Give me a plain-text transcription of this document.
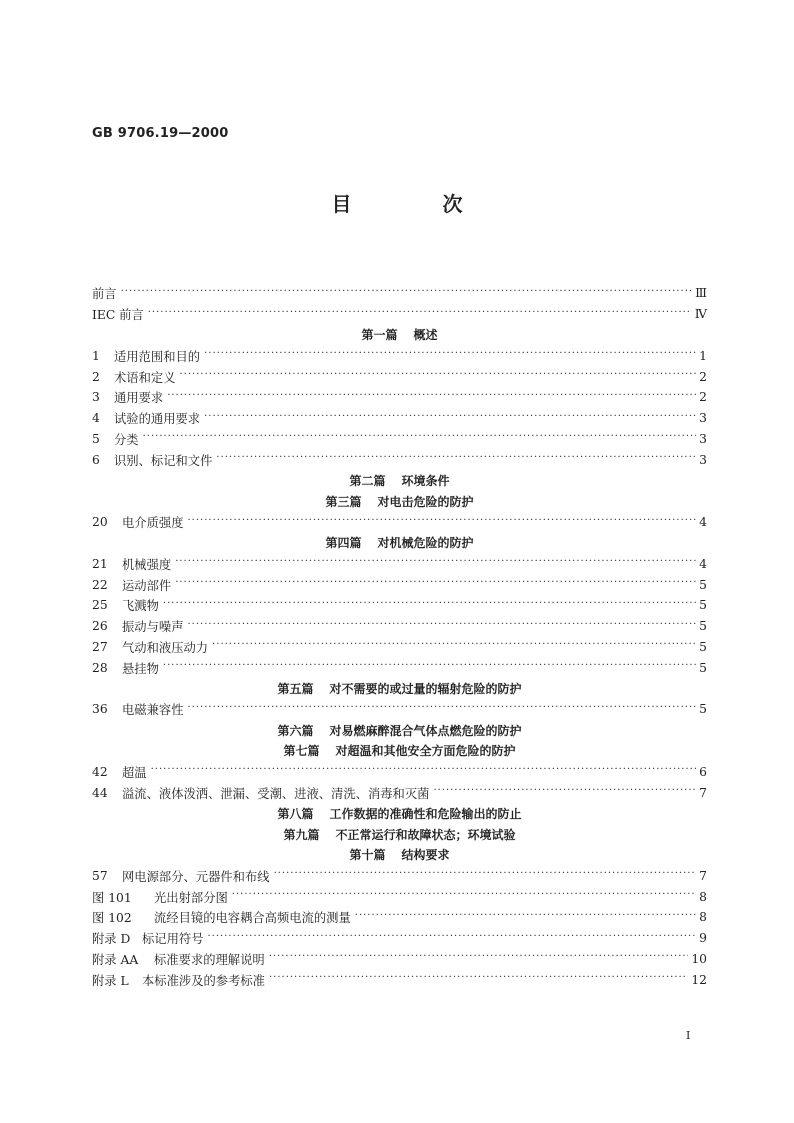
GB 9706.19—2000
目 次
前言 ·····	Ⅲ
IEC 前言 ·····	Ⅳ
第一篇 概述
1	适用范围和目的 ·····	1
2	术语和定义 ·····	2
3	通用要求 ·····	2
4	试验的通用要求 ·····	3
5	分类 ·····	3
6	识别、标记和文件 ·····	3
第二篇 环境条件
第三篇 对电击危险的防护
20	电介质强度 ·····	4
第四篇 对机械危险的防护
21	机械强度 ·····	4
22	运动部件 ·····	5
25	飞溅物 ·····	5
26	振动与噪声 ·····	5
27	气动和液压动力 ·····	5
28	悬挂物 ·····	5
第五篇 对不需要的或过量的辐射危险的防护
36	电磁兼容性 ·····	5
第六篇 对易燃麻醉混合气体点燃危险的防护
第七篇 对超温和其他安全方面危险的防护
42	超温 ·····	6
44	溢流、液体泼洒、泄漏、受潮、进液、清洗、消毒和灭菌 ·····	7
第八篇 工作数据的准确性和危险输出的防止
第九篇 不正常运行和故障状态；环境试验
第十篇 结构要求
57	网电源部分、元器件和布线 ·····	7
图 101	光出射部分图 ·····	8
图 102	流经目镜的电容耦合高频电流的测量 ·····	8
附录 D 标记用符号 ·····	9
附录 AA	标准要求的理解说明 ·····	10
附录 L	本标准涉及的参考标准 ·····	12
Ⅰ
